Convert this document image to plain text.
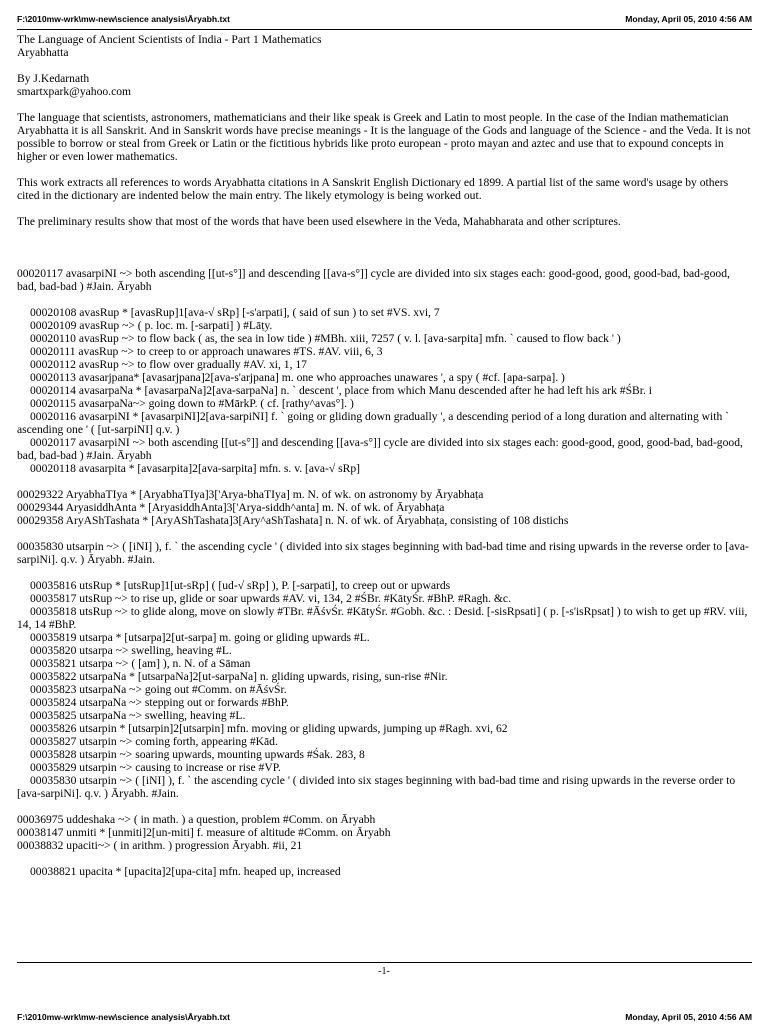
F:\2010mw-wrk\mw-new\science analysis\Āryabh.txt	Monday, April 05, 2010 4:56 AM
The Language of Ancient Scientists of India - Part 1 Mathematics
Aryabhatta
By J.Kedarnath
smartxpark@yahoo.com
The language that scientists, astronomers, mathematicians and their like speak is Greek and Latin to most people. In the case of the Indian mathematician Aryabhatta it is all Sanskrit. And in Sanskrit words have precise meanings - It is the language of the Gods and language of the Science - and the Veda. It is not possible to borrow or steal from Greek or Latin or the fictitious hybrids like proto european - proto mayan and aztec and use that to expound concepts in higher or even lower mathematics.
This work extracts all references to words Aryabhatta citations in A Sanskrit English Dictionary ed 1899. A partial list of the same word's usage by others cited in the dictionary are indented below the main entry. The likely etymology is being worked out.
The preliminary results show that most of the words that have been used elsewhere in the Veda, Mahabharata and other scriptures.
00020117 avasarpiNI ~> both ascending [[ut-s°]] and descending [[ava-s°]] cycle are divided into six stages each: good-good, good, good-bad, bad-good, bad, bad-bad ) #Jain. Āryabh
00020108 avasRup * [avasRup]1[ava-√ sRp] [-s'arpati], ( said of sun ) to set #VS. xvi, 7
00020109 avasRup ~> ( p. loc. m. [-sarpati] ) #Lāṭy.
00020110 avasRup ~> to flow back ( as, the sea in low tide ) #MBh. xiii, 7257 ( v. l. [ava-sarpita] mfn. ` caused to flow back ' )
00020111 avasRup ~> to creep to or approach unawares #TS. #AV. viii, 6, 3
00020112 avasRup ~> to flow over gradually #AV. xi, 1, 17
00020113 avasarjpana* [avasarjpana]2[ava-s'arjpana] m. one who approaches unawares ', a spy ( #cf. [apa-sarpa]. )
00020114 avasarpaNa * [avasarpaNa]2[ava-sarpaNa] n. ` descent ', place from which Manu descended after he had left his ark #ŚBr. i
00020115 avasarpaNa~> going down to #MārkP. ( cf. [rathy^avas°]. )
00020116 avasarpiNI * [avasarpiNI]2[ava-sarpiNI] f. ` going or gliding down gradually ', a descending period of a long duration and alternating with ` ascending one ' ( [ut-sarpiNI] q.v. )
00020117 avasarpiNI ~> both ascending [[ut-s°]] and descending [[ava-s°]] cycle are divided into six stages each: good-good, good, good-bad, bad-good, bad, bad-bad ) #Jain. Āryabh
00020118 avasarpita * [avasarpita]2[ava-sarpita] mfn. s. v. [ava-√ sRp]
00029322 AryabhaTIya * [AryabhaTIya]3['Arya-bhaTIya] m. N. of wk. on astronomy by Āryabhaṭa
00029344 AryasiddhAnta * [AryasiddhAnta]3['Arya-siddh^anta] m. N. of wk. of Āryabhaṭa
00029358 AryAShTashata * [AryAShTashata]3[Ary^aShTashata] n. N. of wk. of Āryabhaṭa, consisting of 108 distichs
00035830 utsarpin ~> ( [iNI] ), f. ` the ascending cycle ' ( divided into six stages beginning with bad-bad time and rising upwards in the reverse order to [ava-sarpiNi]. q.v. ) Āryabh. #Jain.
00035816 utsRup * [utsRup]1[ut-sRp] ( [ud-√ sRp] ), P. [-sarpati], to creep out or upwards
00035817 utsRup ~> to rise up, glide or soar upwards #AV. vi, 134, 2 #ŚBr. #KātyŚr. #BhP. #Ragh. &c.
00035818 utsRup ~> to glide along, move on slowly #TBr. #ĀśvŚr. #KātyŚr. #Gobh. &c. : Desid. [-sisRpsati] ( p. [-s'isRpsat] ) to wish to get up #RV. viii, 14, 14 #BhP.
00035819 utsarpa * [utsarpa]2[ut-sarpa] m. going or gliding upwards #L.
00035820 utsarpa ~> swelling, heaving #L.
00035821 utsarpa ~> ( [am] ), n. N. of a Sāman
00035822 utsarpaNa * [utsarpaNa]2[ut-sarpaNa] n. gliding upwards, rising, sun-rise #Nir.
00035823 utsarpaNa ~> going out #Comm. on #ĀśvŚr.
00035824 utsarpaNa ~> stepping out or forwards #BhP.
00035825 utsarpaNa ~> swelling, heaving #L.
00035826 utsarpin * [utsarpin]2[utsarpin] mfn. moving or gliding upwards, jumping up #Ragh. xvi, 62
00035827 utsarpin ~> coming forth, appearing #Kād.
00035828 utsarpin ~> soaring upwards, mounting upwards #Śak. 283, 8
00035829 utsarpin ~> causing to increase or rise #VP.
00035830 utsarpin ~> ( [iNI] ), f. ` the ascending cycle ' ( divided into six stages beginning with bad-bad time and rising upwards in the reverse order to [ava-sarpiNi]. q.v. ) Āryabh. #Jain.
00036975 uddeshaka ~> ( in math. ) a question, problem #Comm. on Āryabh
00038147 unmiti * [unmiti]2[un-miti] f. measure of altitude #Comm. on Āryabh
00038832 upaciti~> ( in arithm. ) progression Āryabh. #ii, 21
00038821 upacita * [upacita]2[upa-cita] mfn. heaped up, increased
-1-
F:\2010mw-wrk\mw-new\science analysis\Āryabh.txt	Monday, April 05, 2010 4:56 AM
